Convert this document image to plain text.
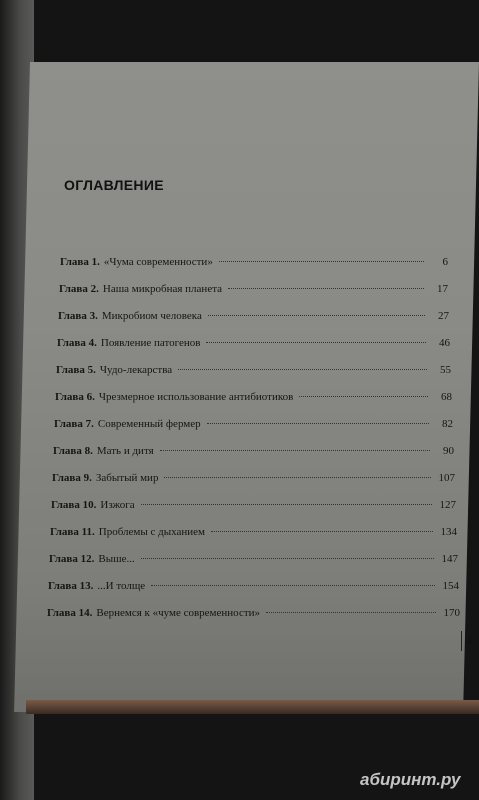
ОГЛАВЛЕНИЕ
Глава 1. «Чума современности»	6
Глава 2. Наша микробная планета	17
Глава 3. Микробиом человека	27
Глава 4. Появление патогенов	46
Глава 5. Чудо-лекарства	55
Глава 6. Чрезмерное использование антибиотиков	68
Глава 7. Современный фермер	82
Глава 8. Мать и дитя	90
Глава 9. Забытый мир	107
Глава 10. Изжога	127
Глава 11. Проблемы с дыханием	134
Глава 12. Выше...	147
Глава 13. ...И толще	154
Глава 14. Вернемся к «чуме современности»	170
3
абиринт.ру
